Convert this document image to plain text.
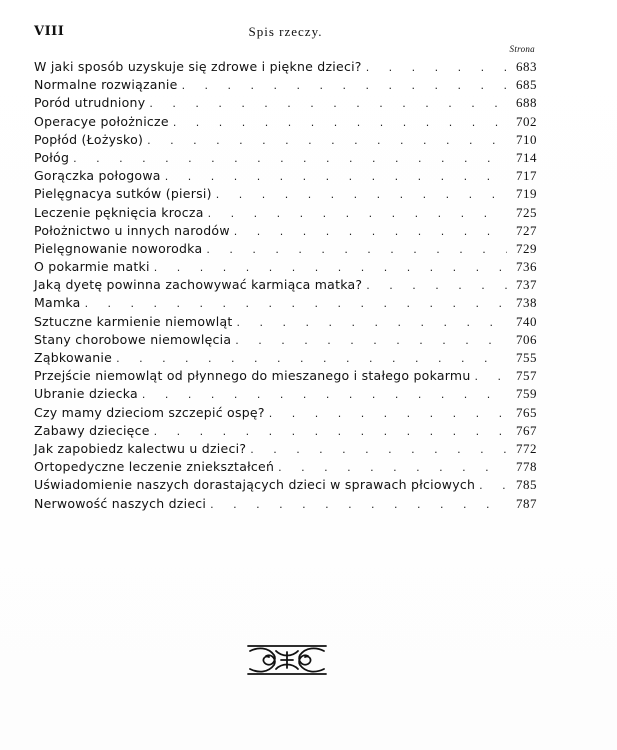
VIII	Spis rzeczy.
Strona
W jaki sposób uzyskuje się zdrowe i piękne dzieci? . . .	683
Normalne rozwiązanie . . .	685
Poród utrudniony . . .	688
Operacye położnicze . . .	702
Popłód (Łożysko) . . .	710
Połóg . . .	714
Gorączka połogowa . . .	717
Pielęgnacya sutków (piersi) . . .	719
Leczenie pęknięcia krocza . . .	725
Położnictwo u innych narodów . . .	727
Pielęgnowanie noworodka . . .	729
O pokarmie matki . . .	736
Jaką dyetę powinna zachowywać karmiąca matka? . . .	737
Mamka . . .	738
Sztuczne karmienie niemowląt . . .	740
Stany chorobowe niemowlęcia . . .	706
Ząbkowanie . . .	755
Przejście niemowląt od płynnego do mieszanego i stałego pokarmu . . .	757
Ubranie dziecka . . .	759
Czy mamy dzieciom szczepić ospę? . . .	765
Zabawy dziecięce . . .	767
Jak zapobiedz kalectwu u dzieci? . . .	772
Ortopedyczne leczenie zniekształceń . . .	778
Uświadomienie naszych dorastających dzieci w sprawach płciowych . . .	785
Nerwowość naszych dzieci . . .	787
